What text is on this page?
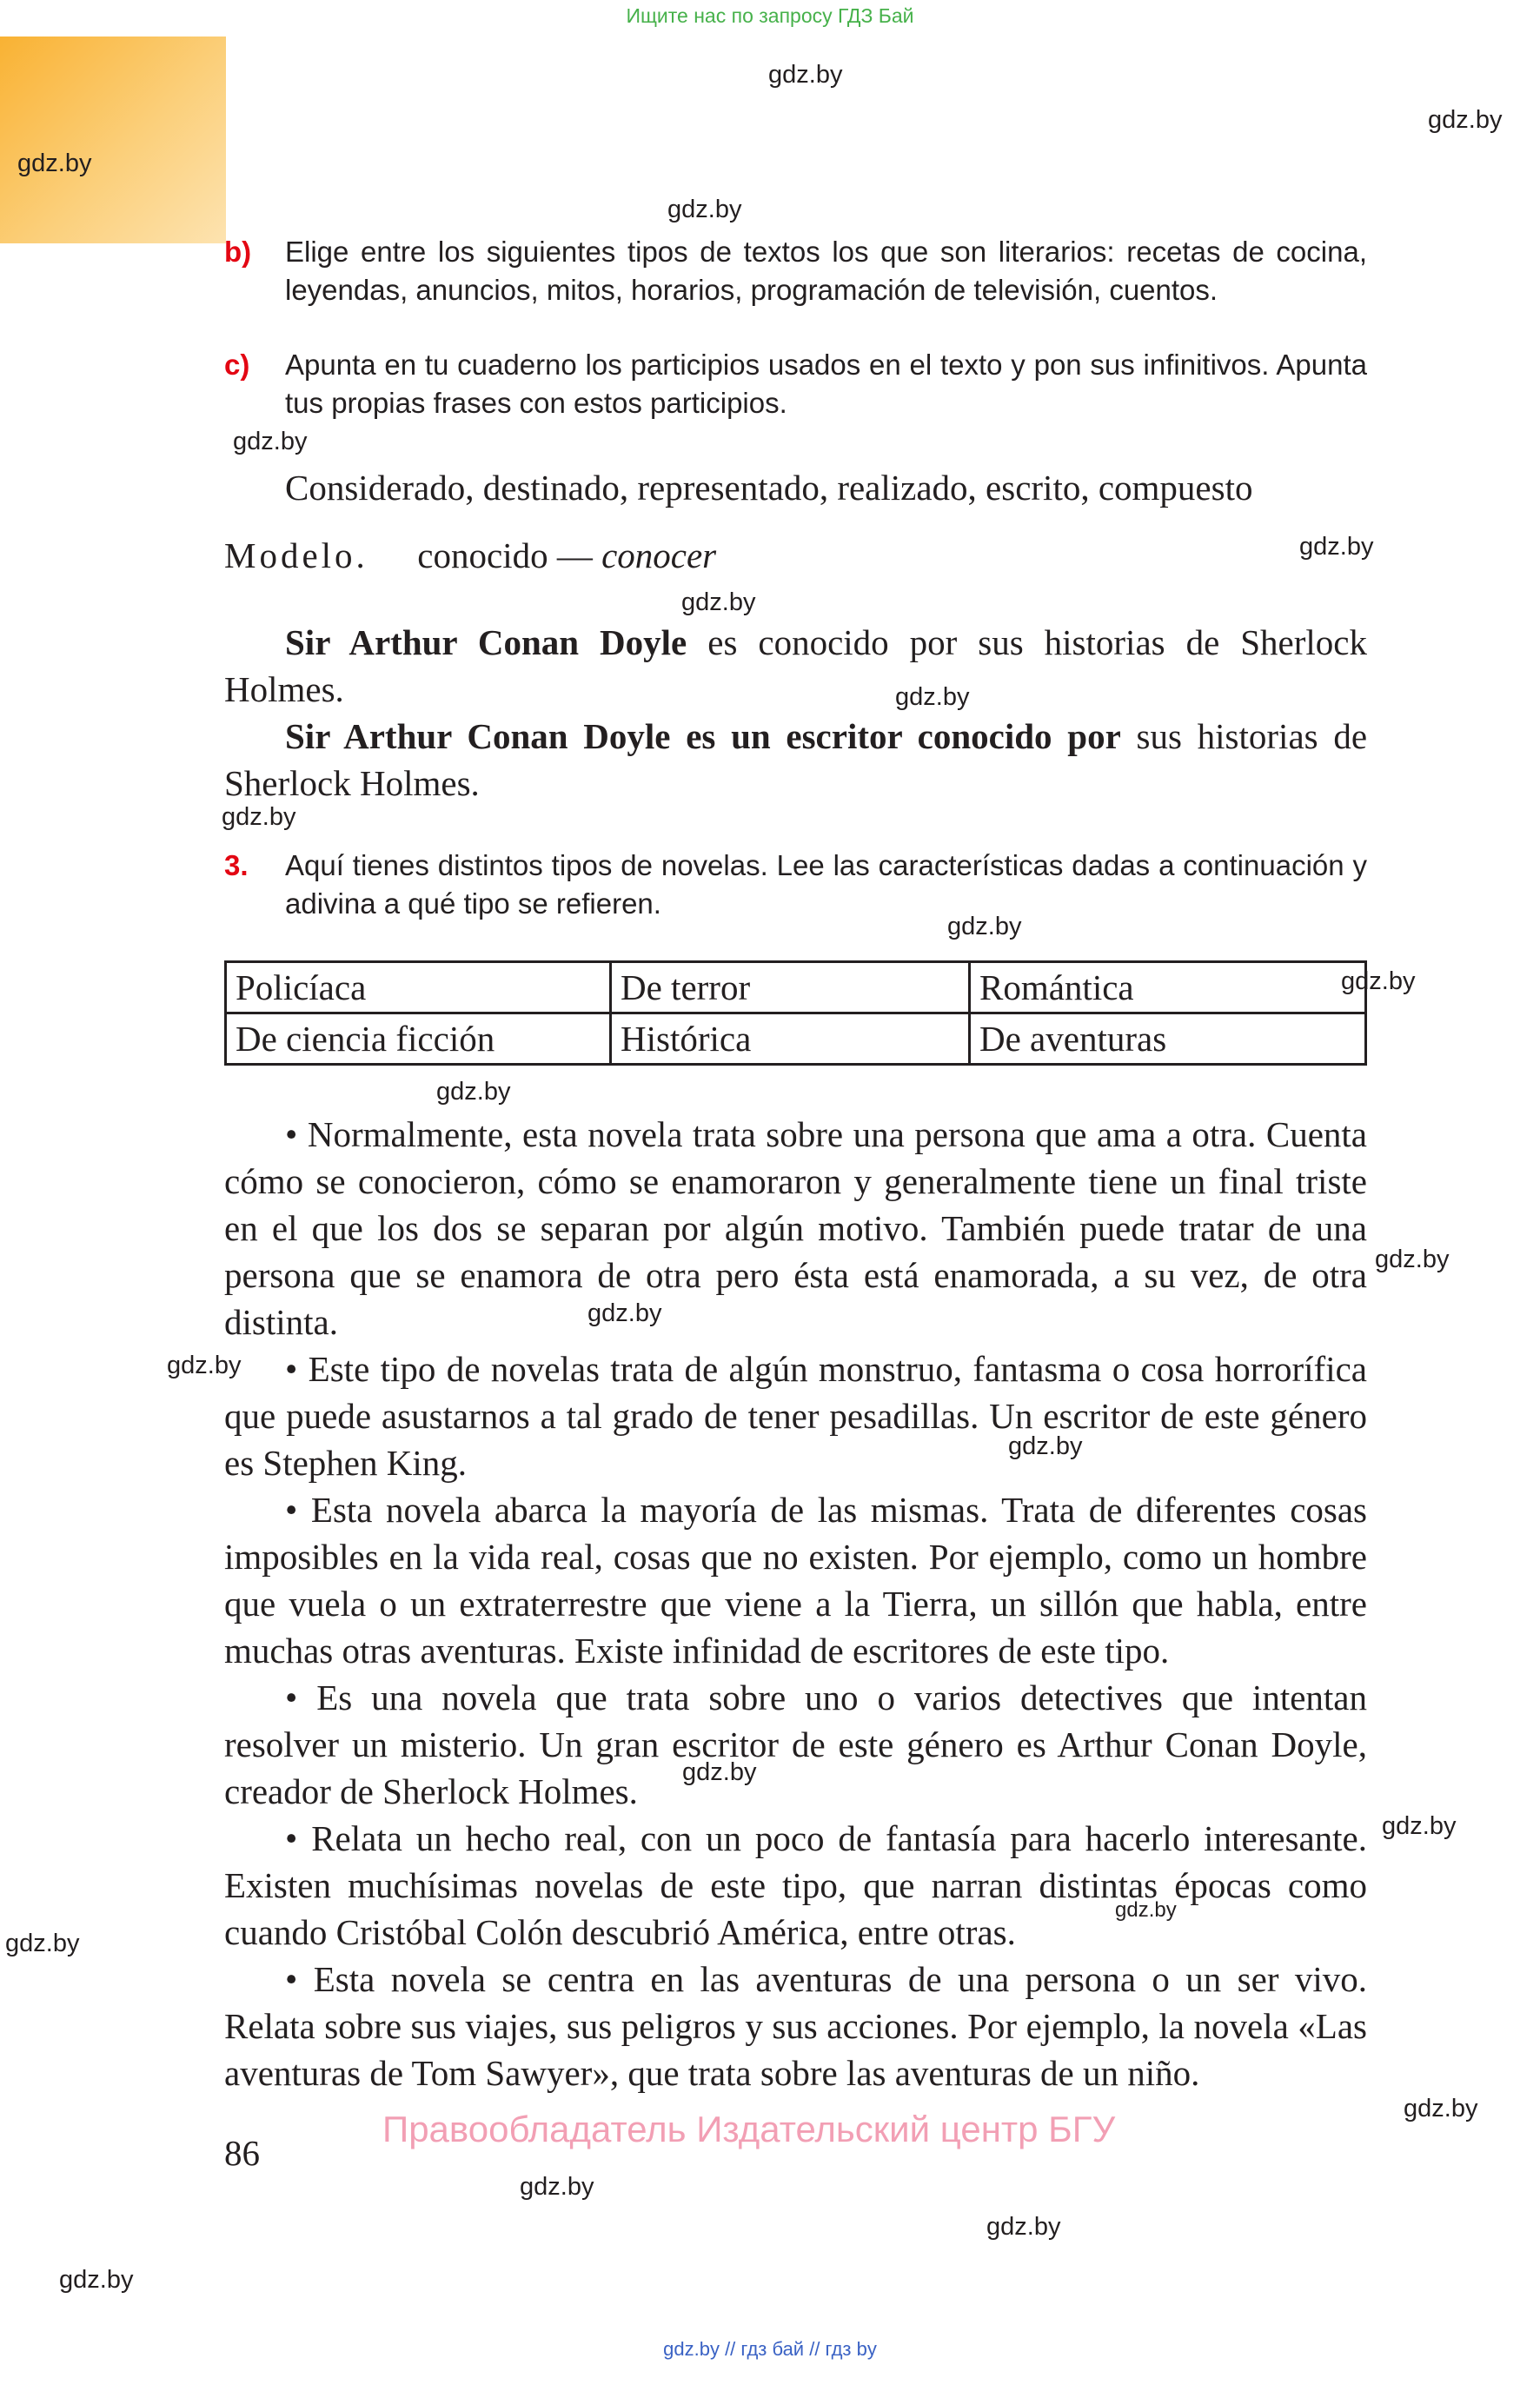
Ищите нас по запросу ГДЗ Бай
gdz.by
gdz.by
gdz.by
gdz.by
gdz.by
gdz.by
gdz.by
gdz.by
gdz.by
gdz.by
gdz.by
gdz.by
gdz.by
gdz.by
gdz.by
gdz.by
gdz.by
gdz.by
gdz.by
gdz.by
gdz.by
gdz.by
gdz.by
gdz.by
b) Elige entre los siguientes tipos de textos los que son literarios: recetas de cocina, leyendas, anuncios, mitos, horarios, programación de televisión, cuentos.
c) Apunta en tu cuaderno los participios usados en el texto y pon sus infinitivos. Apunta tus propias frases con estos participios.
Considerado, destinado, representado, realizado, escrito, compuesto
Modelo. conocido — conocer
Sir Arthur Conan Doyle es conocido por sus historias de Sherlock Holmes.
Sir Arthur Conan Doyle es un escritor conocido por sus historias de Sherlock Holmes.
3. Aquí tienes distintos tipos de novelas. Lee las características dadas a continuación y adivina a qué tipo se refieren.
Policíaca	De terror	Romántica
De ciencia ficción	Histórica	De aventuras

• Normalmente, esta novela trata sobre una persona que ama a otra. Cuenta cómo se conocieron, cómo se enamoraron y generalmente tiene un final triste en el que los dos se separan por algún motivo. También puede tratar de una persona que se enamora de otra pero ésta está enamorada, a su vez, de otra distinta.

• Este tipo de novelas trata de algún monstruo, fantasma o cosa horrorífica que puede asustarnos a tal grado de tener pesadillas. Un escritor de este género es Stephen King.

• Esta novela abarca la mayoría de las mismas. Trata de diferentes cosas imposibles en la vida real, cosas que no existen. Por ejemplo, como un hombre que vuela o un extraterrestre que viene a la Tierra, un sillón que habla, entre muchas otras aventuras. Existe infinidad de escritores de este tipo.

• Es una novela que trata sobre uno o varios detectives que intentan resolver un misterio. Un gran escritor de este género es Arthur Conan Doyle, creador de Sherlock Holmes.

• Relata un hecho real, con un poco de fantasía para hacerlo interesante. Existen muchísimas novelas de este tipo, que narran distintas épocas como cuando Cristóbal Colón descubrió América, entre otras.

• Esta novela se centra en las aventuras de una persona o un ser vivo. Relata sobre sus viajes, sus peligros y sus acciones. Por ejemplo, la novela «Las aventuras de Tom Sawyer», que trata sobre las aventuras de un niño.

86
Правообладатель Издательский центр БГУ
gdz.by // гдз бай // гдз by
